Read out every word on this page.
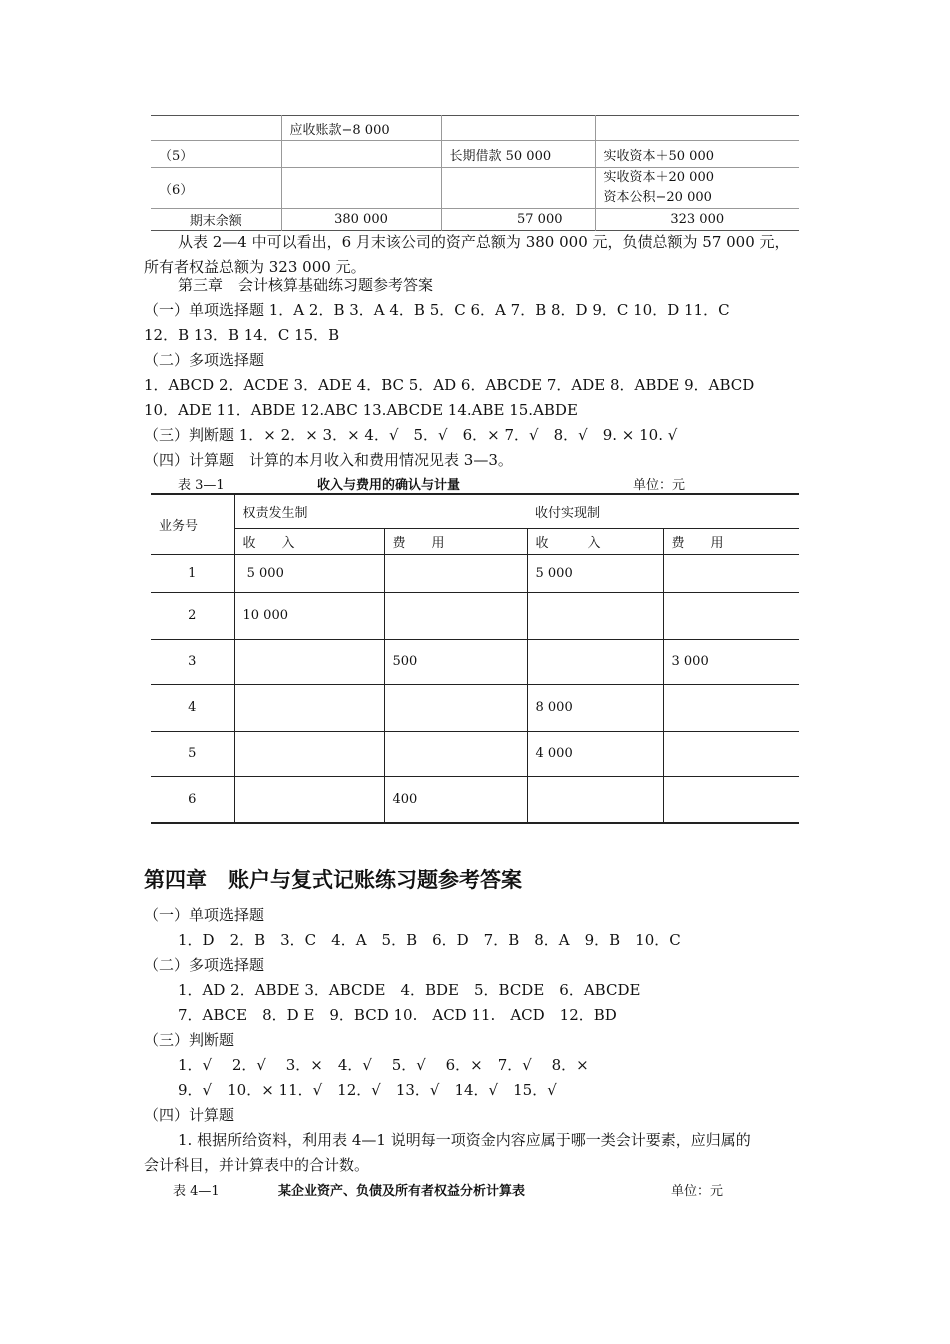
	应收账款−8 000		
（5）		长期借款 50 000	实收资本＋50 000
（6）			实收资本＋20 000
资本公积−20 000

期末余额	380 000	57 000	323 000
从表 2—4 中可以看出，6 月末该公司的资产总额为 380 000 元，负债总额为 57 000 元，
所有者权益总额为 323 000 元。
第三章　会计核算基础练习题参考答案
（一）单项选择题 1．A 2．B 3．A 4．B 5．C 6．A 7．B 8．D 9．C 10．D 11．C
12．B 13．B 14．C 15．B
（二）多项选择题
1．ABCD 2．ACDE 3．ADE 4．BC 5．AD 6．ABCDE 7．ADE 8．ABDE 9．ABCD
10．ADE 11．ABDE 12.ABC 13.ABCDE 14.ABE 15.ABDE
（三）判断题 1．× 2．× 3．× 4．√　5．√　6．× 7．√　8．√　9. × 10. √
（四）计算题　计算的本月收入和费用情况见表 3—3。
表 3—1	收入与费用的确认与计量	单位：元
业务号	权责发生制		收付实现制	
	收　　入	费　　用	收　　　入	费　　用
1	5 000		5 000	
2	10 000			
3		500		3 000
4			8 000	
5			4 000	
6		400		
第四章　账户与复式记账练习题参考答案
（一）单项选择题
1．D　2．B　3．C　4．A　5．B　6．D　7．B　8．A　9．B　10．C
（二）多项选择题
1．AD 2．ABDE 3．ABCDE　4．BDE　5．BCDE　6．ABCDE
7．ABCE　8．D E　9．BCD 10.　ACD 11.　ACD　12．BD
（三）判断题
1．√　 2．√　 3．×　4．√　 5．√　 6．×　7．√　 8．×
9．√　10．× 11．√　12．√　13．√　14．√　15．√
（四）计算题
1. 根据所给资料，利用表 4—1 说明每一项资金内容应属于哪一类会计要素，应归属的
会计科目，并计算表中的合计数。
表 4—1	某企业资产、负债及所有者权益分析计算表	单位：元
